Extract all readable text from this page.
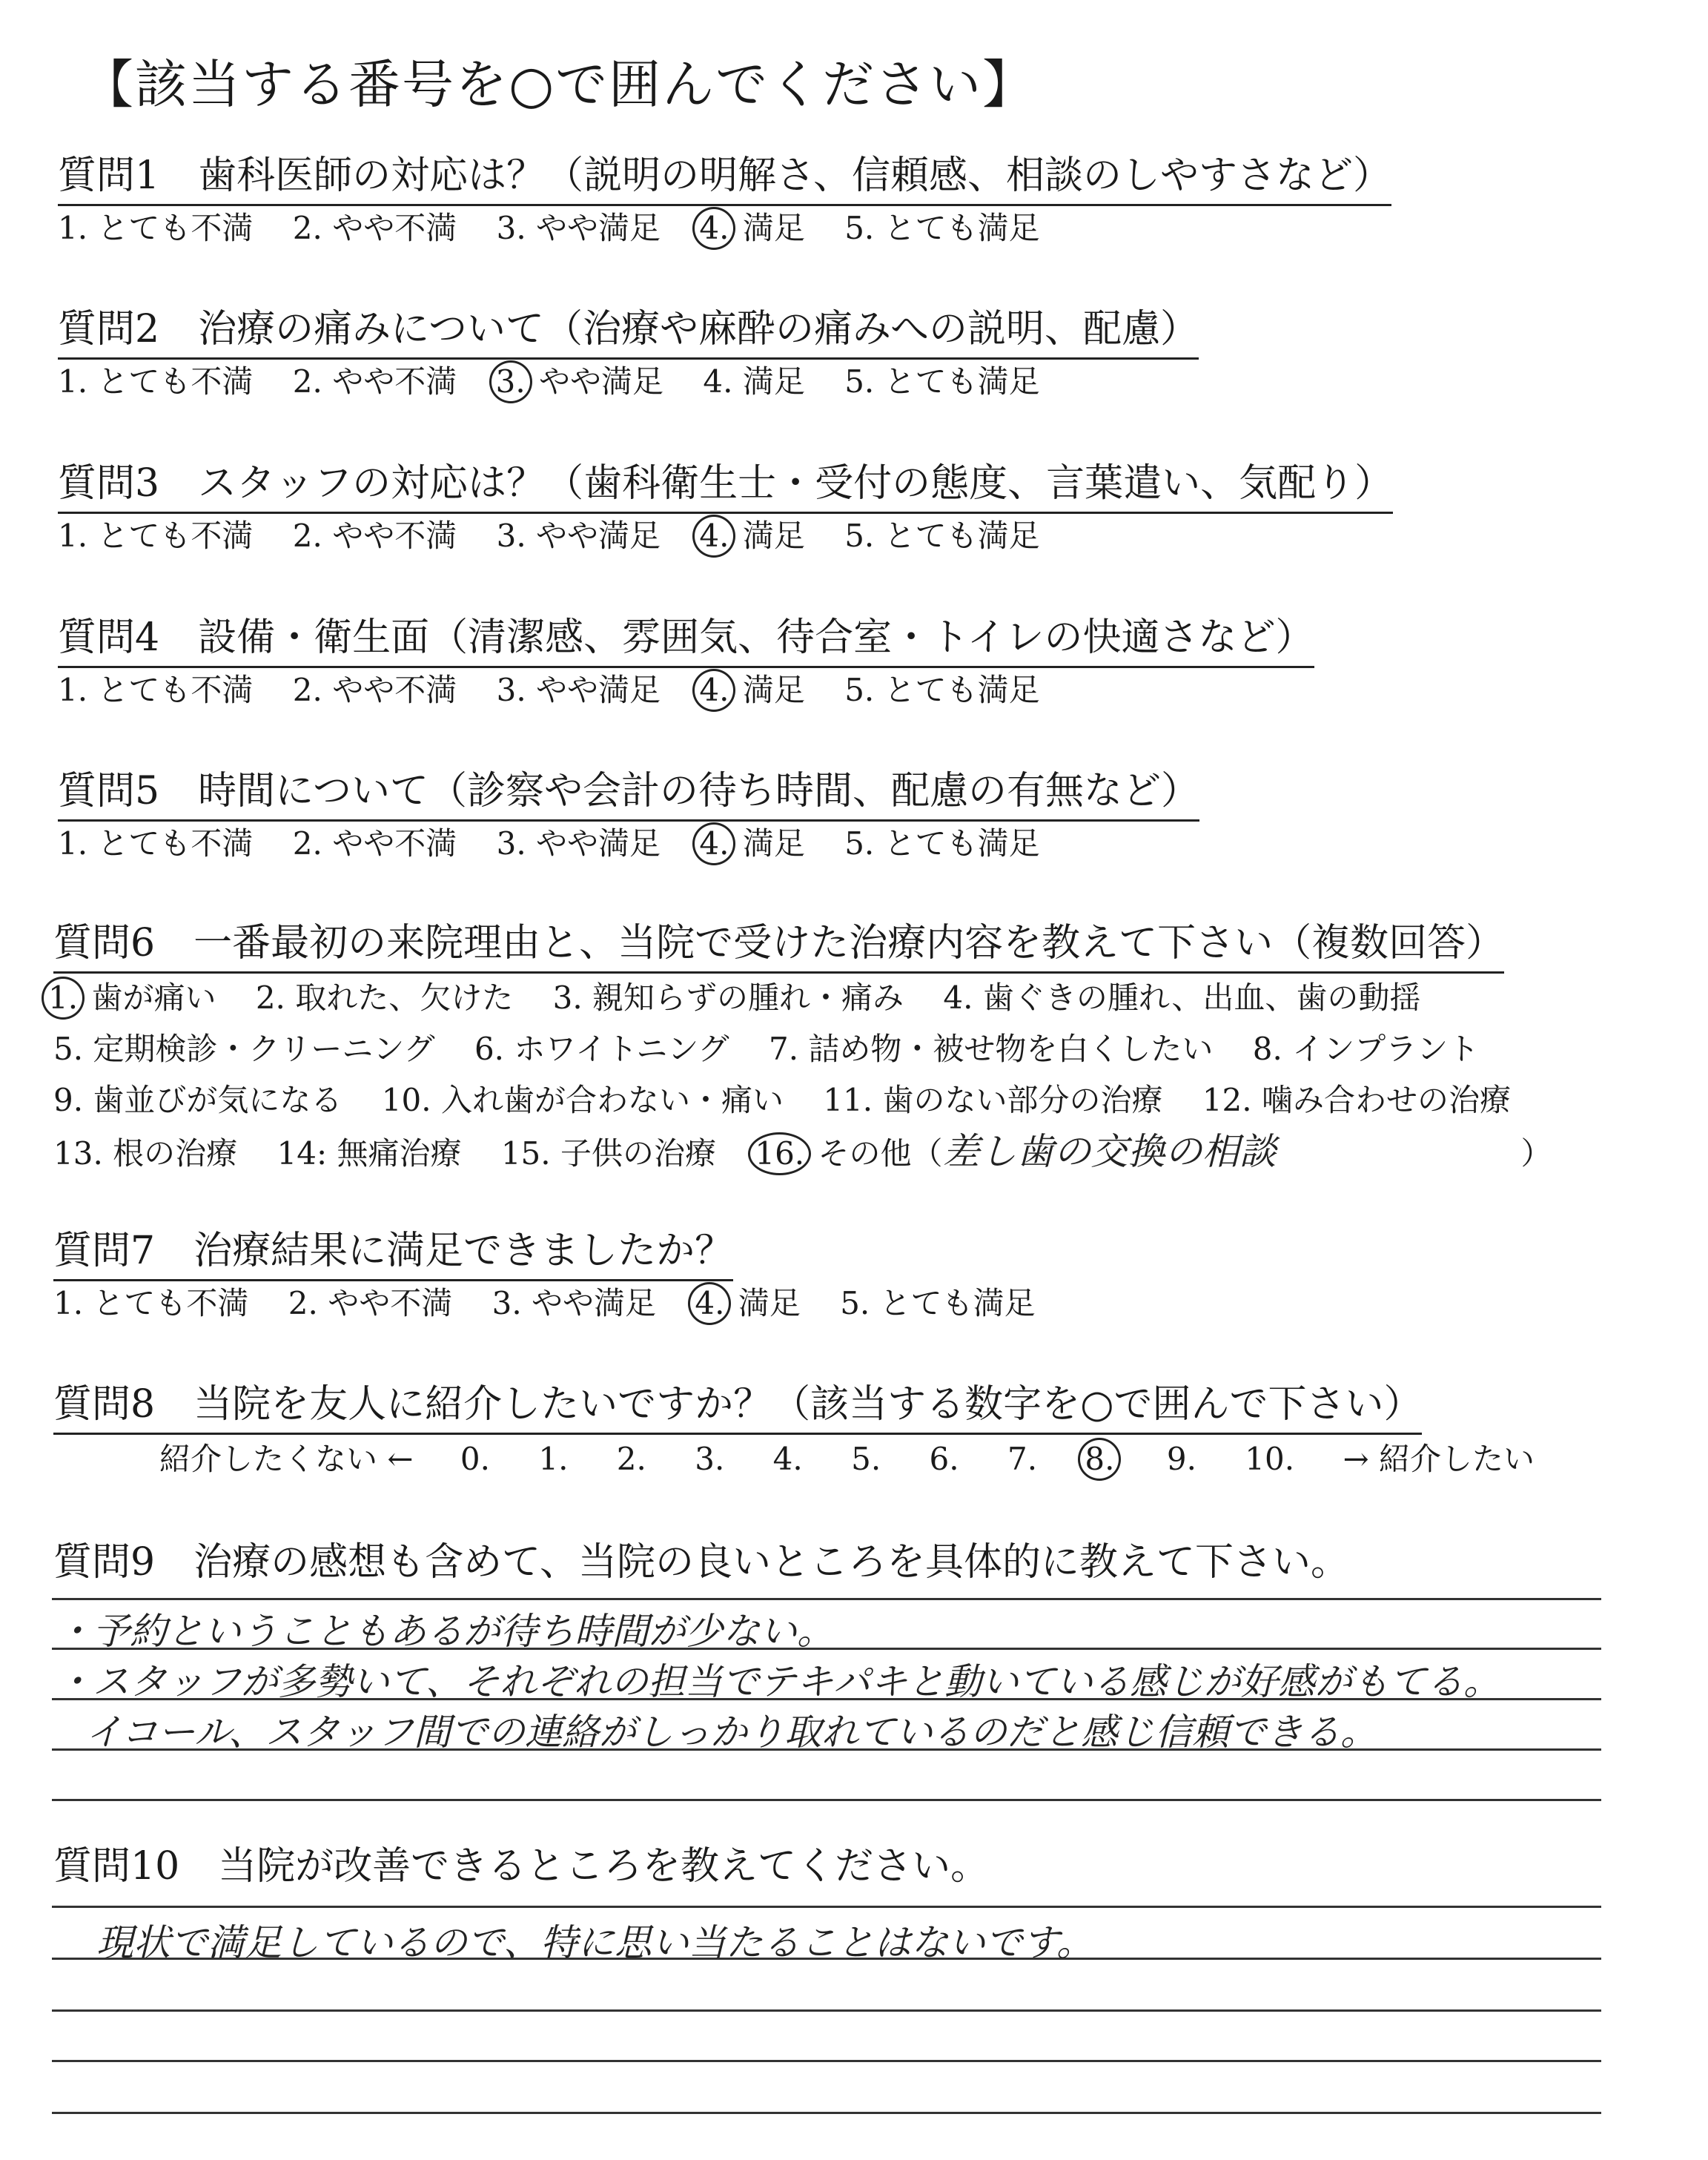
【該当する番号を○で囲んでください】
質問1　歯科医師の対応は？（説明の明解さ、信頼感、相談のしやすさなど）
1. とても不満 2. やや不満 3. やや満足 4. 満足 5. とても満足
質問2　治療の痛みについて（治療や麻酔の痛みへの説明、配慮）
1. とても不満 2. やや不満 3. やや満足 4. 満足 5. とても満足
質問3　スタッフの対応は？（歯科衛生士・受付の態度、言葉遣い、気配り）
1. とても不満 2. やや不満 3. やや満足 4. 満足 5. とても満足
質問4　設備・衛生面（清潔感、雰囲気、待合室・トイレの快適さなど）
1. とても不満 2. やや不満 3. やや満足 4. 満足 5. とても満足
質問5　時間について（診察や会計の待ち時間、配慮の有無など）
1. とても不満 2. やや不満 3. やや満足 4. 満足 5. とても満足
質問6　一番最初の来院理由と、当院で受けた治療内容を教えて下さい（複数回答）
1. 歯が痛い 2. 取れた、欠けた 3. 親知らずの腫れ・痛み 4. 歯ぐきの腫れ、出血、歯の動揺
5. 定期検診・クリーニング 6. ホワイトニング 7. 詰め物・被せ物を白くしたい 8. インプラント
9. 歯並びが気になる 10. 入れ歯が合わない・痛い 11. 歯のない部分の治療 12. 噛み合わせの治療
13. 根の治療 14: 無痛治療 15. 子供の治療 16. その他（差し歯の交換の相談	）
質問7　治療結果に満足できましたか？
1. とても不満 2. やや不満 3. やや満足 4. 満足 5. とても満足
質問8　当院を友人に紹介したいですか？（該当する数字を○で囲んで下さい）
紹介したくない ← 0. 1. 2. 3. 4. 5. 6. 7. 8. 9. 10. → 紹介したい
質問9　治療の感想も含めて、当院の良いところを具体的に教えて下さい。
・予約ということもあるが待ち時間が少ない。
・スタッフが多勢いて、それぞれの担当でテキパキと動いている感じが好感がもてる。
イコール、スタッフ間での連絡がしっかり取れているのだと感じ信頼できる。
質問10　当院が改善できるところを教えてください。
現状で満足しているので、特に思い当たることはないです。
